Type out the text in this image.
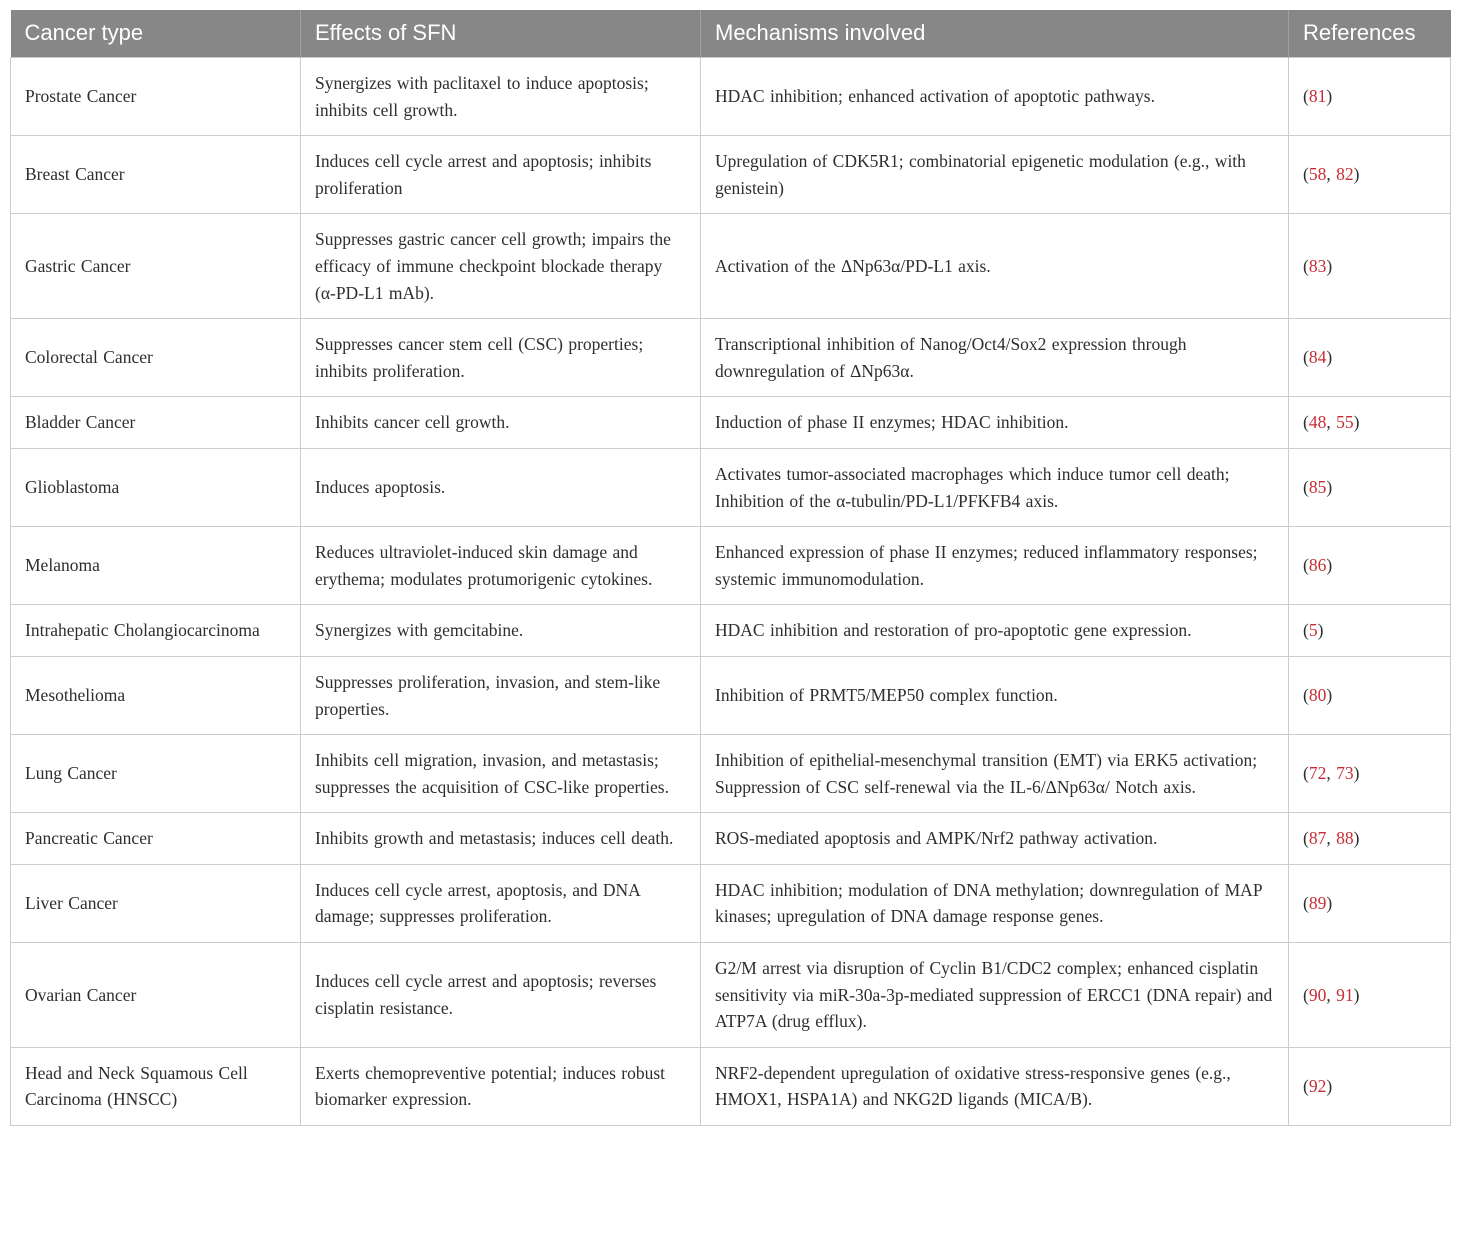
Cancer type	Effects of SFN	Mechanisms involved	References
Prostate Cancer	Synergizes with paclitaxel to induce apoptosis; inhibits cell growth.	HDAC inhibition; enhanced activation of apoptotic pathways.	(81)
Breast Cancer	Induces cell cycle arrest and apoptosis; inhibits proliferation	Upregulation of CDK5R1; combinatorial epigenetic modulation (e.g., with genistein)	(58, 82)
Gastric Cancer	Suppresses gastric cancer cell growth; impairs the efficacy of immune checkpoint blockade therapy (α-PD-L1 mAb).	Activation of the ΔNp63α/PD-L1 axis.	(83)
Colorectal Cancer	Suppresses cancer stem cell (CSC) properties; inhibits proliferation.	Transcriptional inhibition of Nanog/Oct4/Sox2 expression through downregulation of ΔNp63α.	(84)
Bladder Cancer	Inhibits cancer cell growth.	Induction of phase II enzymes; HDAC inhibition.	(48, 55)
Glioblastoma	Induces apoptosis.	Activates tumor-associated macrophages which induce tumor cell death; Inhibition of the α-tubulin/PD-L1/PFKFB4 axis.	(85)
Melanoma	Reduces ultraviolet-induced skin damage and erythema; modulates protumorigenic cytokines.	Enhanced expression of phase II enzymes; reduced inflammatory responses; systemic immunomodulation.	(86)
Intrahepatic Cholangiocarcinoma	Synergizes with gemcitabine.	HDAC inhibition and restoration of pro-apoptotic gene expression.	(5)
Mesothelioma	Suppresses proliferation, invasion, and stem-like properties.	Inhibition of PRMT5/MEP50 complex function.	(80)
Lung Cancer	Inhibits cell migration, invasion, and metastasis; suppresses the acquisition of CSC-like properties.	Inhibition of epithelial-mesenchymal transition (EMT) via ERK5 activation; Suppression of CSC self-renewal via the IL-6/ΔNp63α/ Notch axis.	(72, 73)
Pancreatic Cancer	Inhibits growth and metastasis; induces cell death.	ROS-mediated apoptosis and AMPK/Nrf2 pathway activation.	(87, 88)
Liver Cancer	Induces cell cycle arrest, apoptosis, and DNA damage; suppresses proliferation.	HDAC inhibition; modulation of DNA methylation; downregulation of MAP kinases; upregulation of DNA damage response genes.	(89)
Ovarian Cancer	Induces cell cycle arrest and apoptosis; reverses cisplatin resistance.	G2/M arrest via disruption of Cyclin B1/CDC2 complex; enhanced cisplatin sensitivity via miR-30a-3p-mediated suppression of ERCC1 (DNA repair) and ATP7A (drug efflux).	(90, 91)
Head and Neck Squamous Cell Carcinoma (HNSCC)	Exerts chemopreventive potential; induces robust biomarker expression.	NRF2-dependent upregulation of oxidative stress-responsive genes (e.g., HMOX1, HSPA1A) and NKG2D ligands (MICA/B).	(92)
